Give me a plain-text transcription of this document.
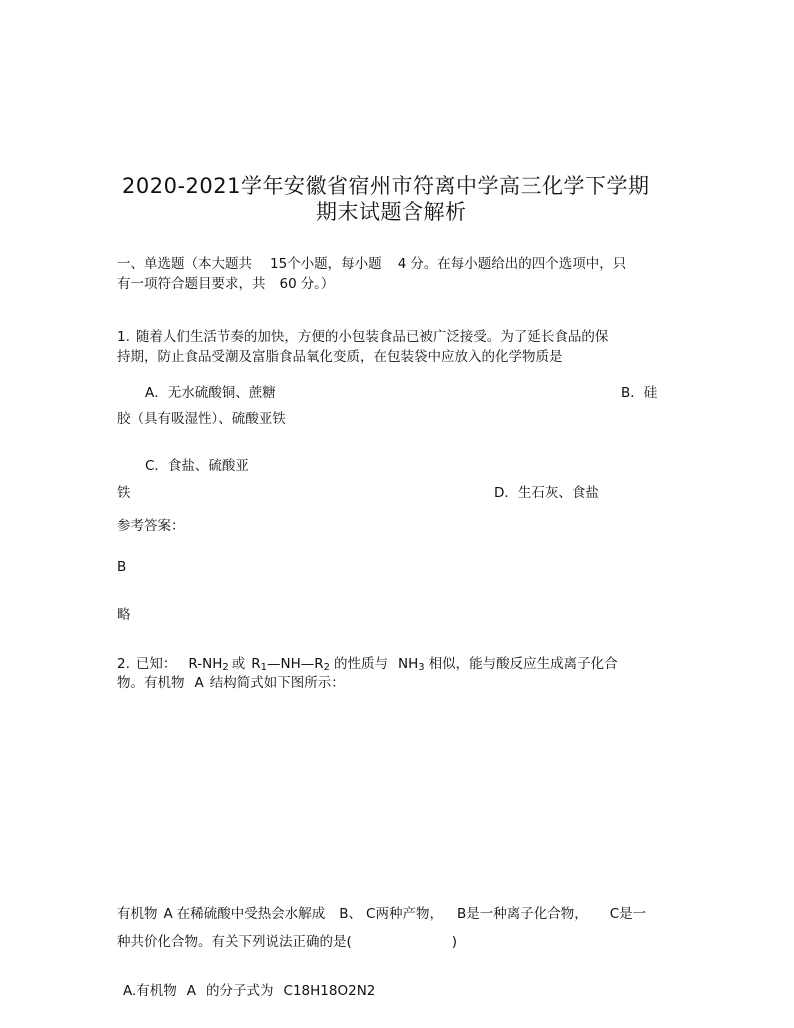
2020-2021学年安徽省宿州市符离中学高三化学下学期
期末试题含解析
一、单选题（本大题共 15个小题，每小题 4 分。在每小题给出的四个选项中，只
有一项符合题目要求，共 60 分。）
1. 随着人们生活节奏的加快，方便的小包装食品已被广泛接受。为了延长食品的保
持期，防止食品受潮及富脂食品氧化变质，在包装袋中应放入的化学物质是
A．无水硫酸铜、蔗糖	B．硅
胶（具有吸湿性）、硫酸亚铁
C．食盐、硫酸亚
铁	D．生石灰、食盐
参考答案：
B
略
2. 已知： R-NH2 或 R1—NH—R2 的性质与 NH3 相似，能与酸反应生成离子化合
物。有机物 A 结构简式如下图所示：
有机物 A 在稀硫酸中受热会水解成 B、 C两种产物， B是一种离子化合物， C是一
种共价化合物。有关下列说法正确的是(	)
A.有机物 A 的分子式为 C18H18O2N2
